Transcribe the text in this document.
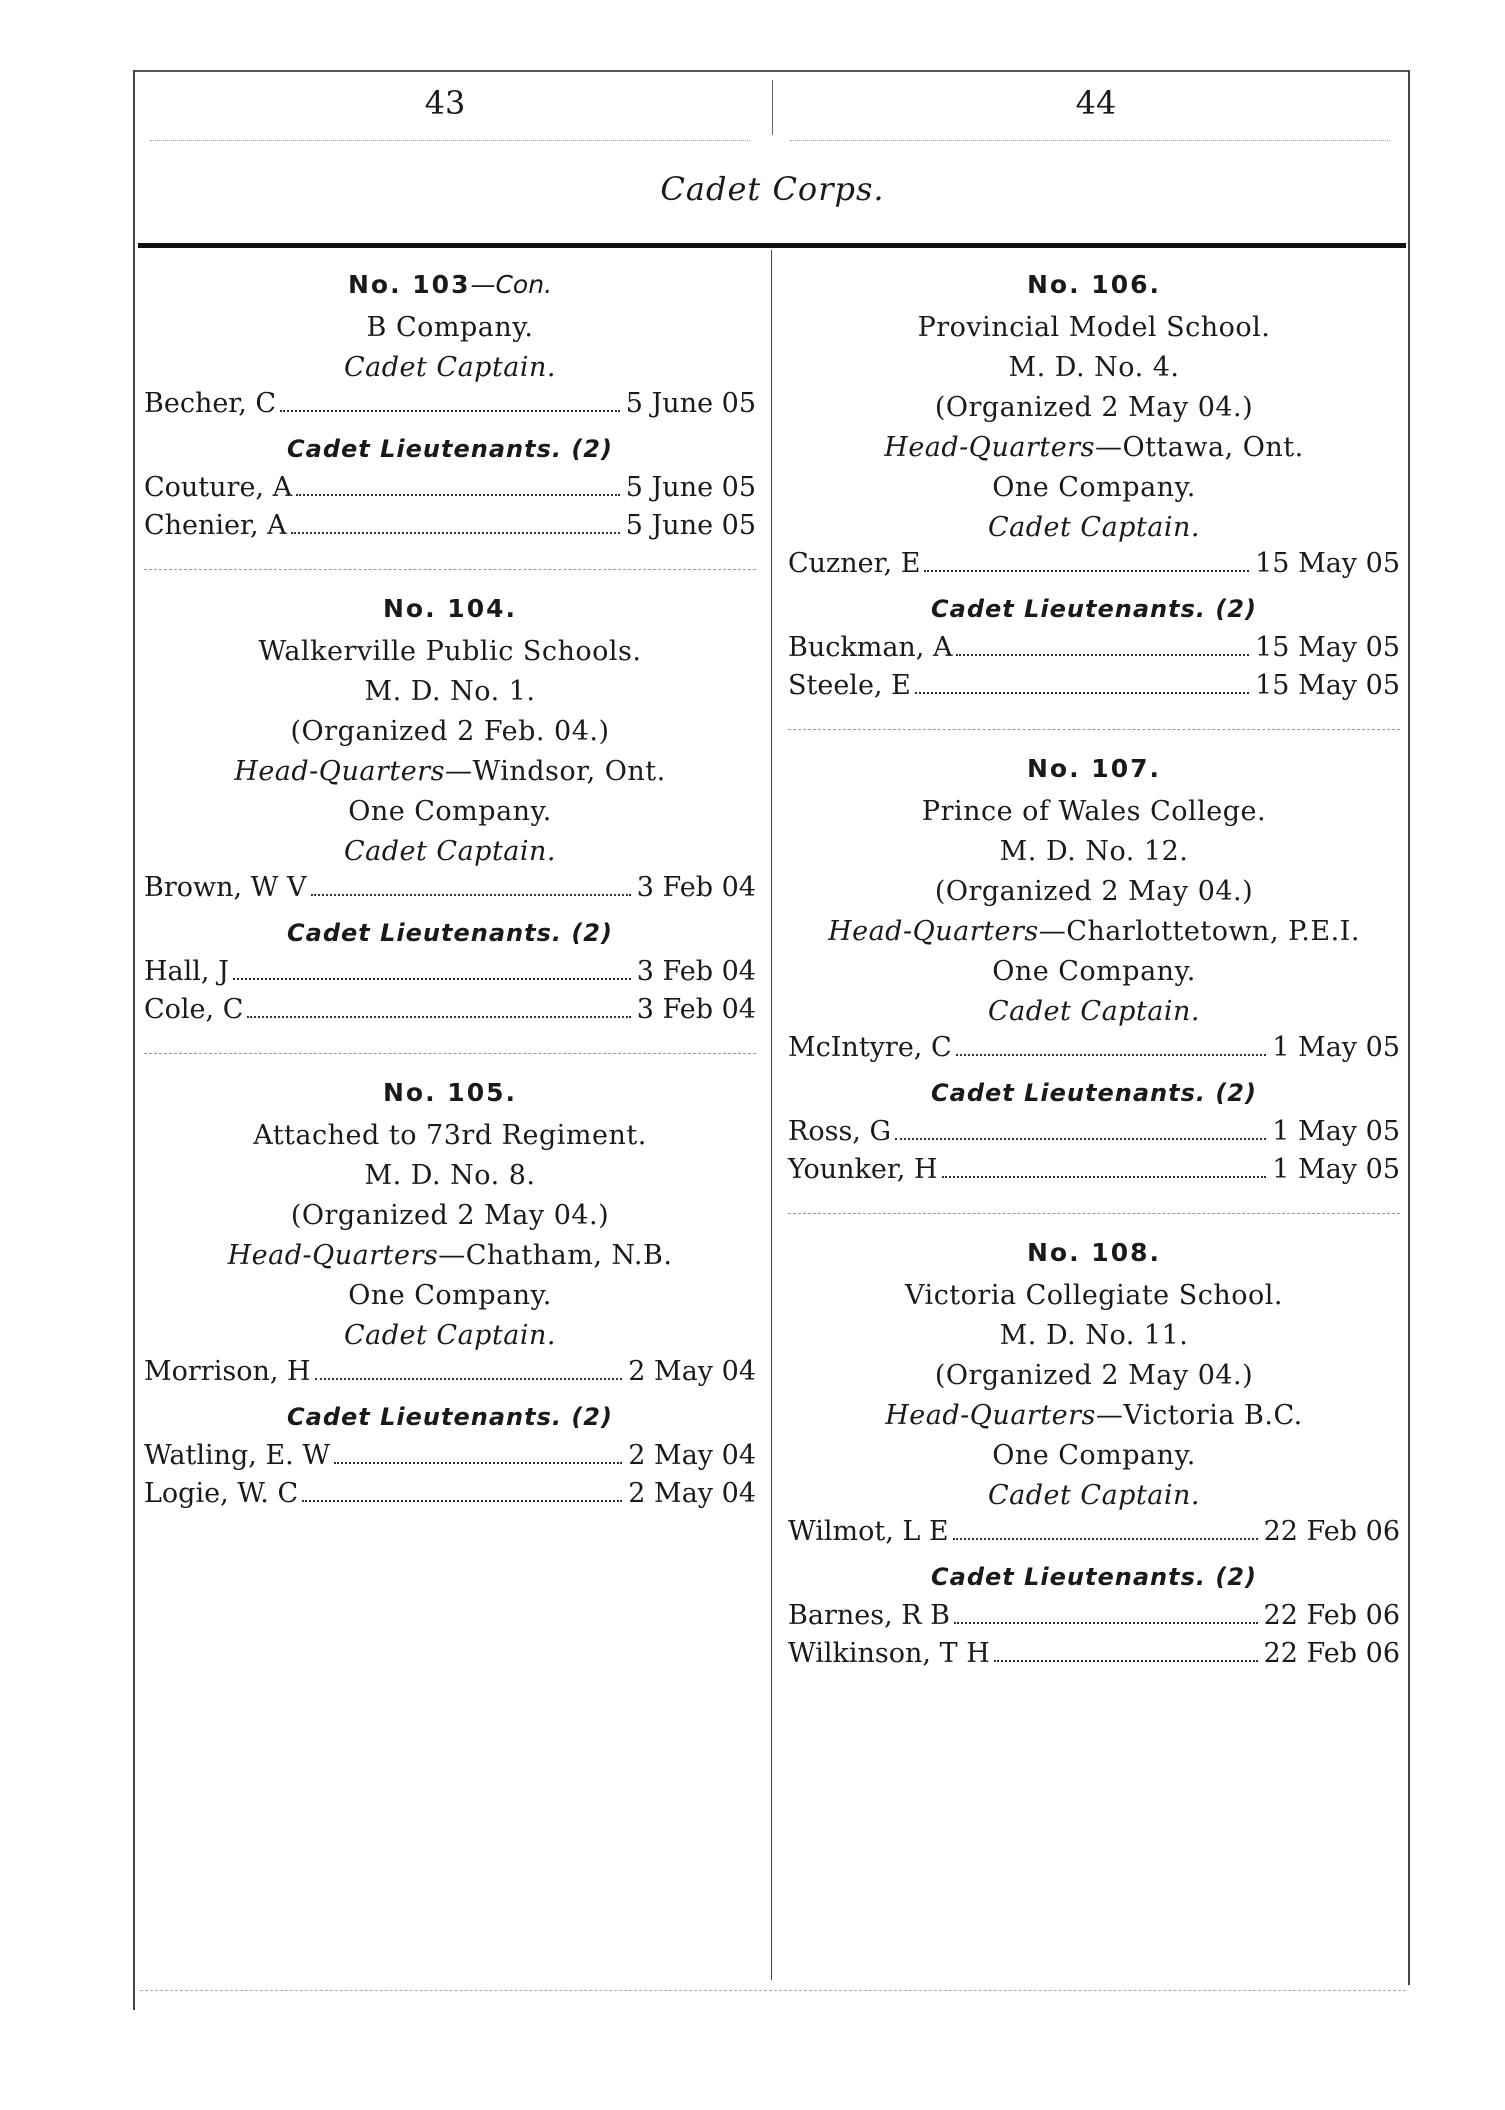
43	44
Cadet Corps.
No. 103—Con.
B Company.
Cadet Captain.
Becher, C	5 June 05
Cadet Lieutenants. (2)
Couture, A	5 June 05
Chenier, A	5 June 05
No. 104.
Walkerville Public Schools.
M. D. No. 1.
(Organized 2 Feb. 04.)
Head-Quarters—Windsor, Ont.
One Company.
Cadet Captain.
Brown, W V	3 Feb 04
Cadet Lieutenants. (2)
Hall, J	3 Feb 04
Cole, C	3 Feb 04
No. 105.
Attached to 73rd Regiment.
M. D. No. 8.
(Organized 2 May 04.)
Head-Quarters—Chatham, N.B.
One Company.
Cadet Captain.
Morrison, H	2 May 04
Cadet Lieutenants. (2)
Watling, E. W	2 May 04
Logie, W. C	2 May 04
No. 106.
Provincial Model School.
M. D. No. 4.
(Organized 2 May 04.)
Head-Quarters—Ottawa, Ont.
One Company.
Cadet Captain.
Cuzner, E	15 May 05
Cadet Lieutenants. (2)
Buckman, A	15 May 05
Steele, E	15 May 05
No. 107.
Prince of Wales College.
M. D. No. 12.
(Organized 2 May 04.)
Head-Quarters—Charlottetown, P.E.I.
One Company.
Cadet Captain.
McIntyre, C	1 May 05
Cadet Lieutenants. (2)
Ross, G	1 May 05
Younker, H	1 May 05
No. 108.
Victoria Collegiate School.
M. D. No. 11.
(Organized 2 May 04.)
Head-Quarters—Victoria B.C.
One Company.
Cadet Captain.
Wilmot, L E	22 Feb 06
Cadet Lieutenants. (2)
Barnes, R B	22 Feb 06
Wilkinson, T H	22 Feb 06
